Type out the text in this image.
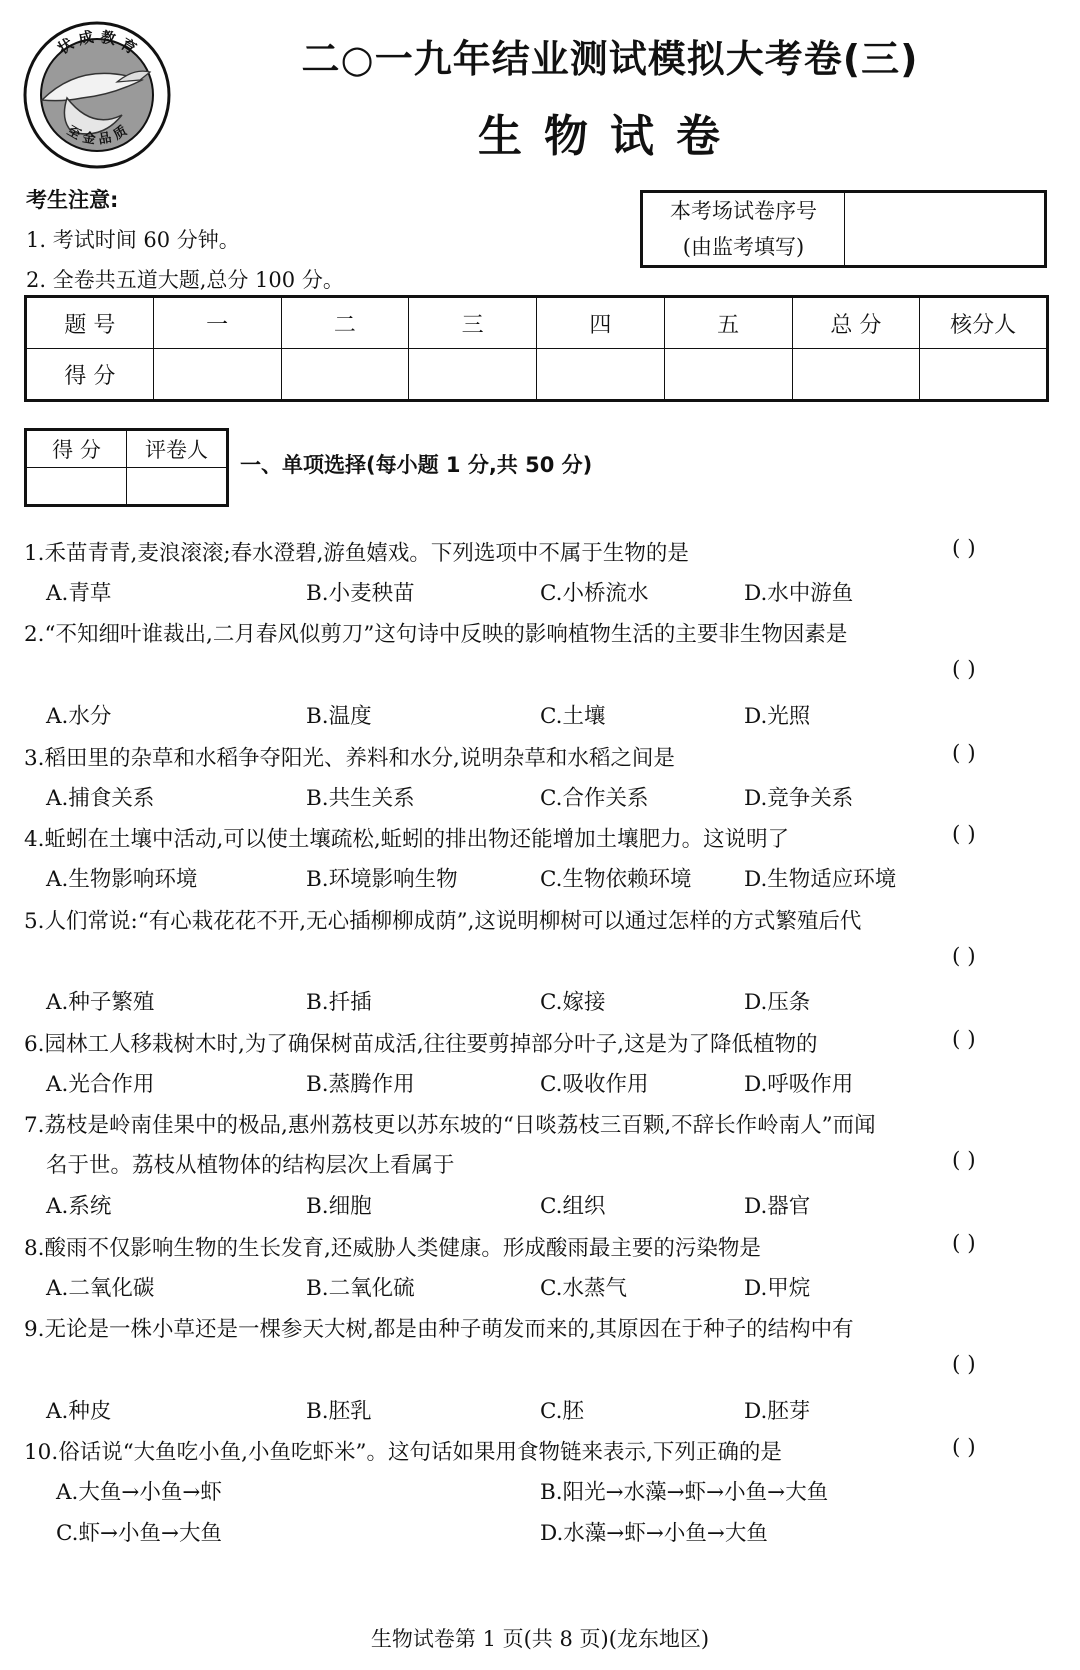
状 成 教 育
至 金 品 质
二○一九年结业测试模拟大考卷(三)
生物试卷
考生注意:
1. 考试时间 60 分钟。
2. 全卷共五道大题,总分 100 分。
本考场试卷序号
(由监考填写)

题 号	一	二	三	四	五	总 分	核分人
得 分							
得 分	评卷人

一、单项选择(每小题 1 分,共 50 分)
1.禾苗青青,麦浪滚滚;春水澄碧,游鱼嬉戏。下列选项中不属于生物的是	( )
A.青草	B.小麦秧苗	C.小桥流水	D.水中游鱼
2.“不知细叶谁裁出,二月春风似剪刀”这句诗中反映的影响植物生活的主要非生物因素是
( )
A.水分	B.温度	C.土壤	D.光照
3.稻田里的杂草和水稻争夺阳光、养料和水分,说明杂草和水稻之间是	( )
A.捕食关系	B.共生关系	C.合作关系	D.竞争关系
4.蚯蚓在土壤中活动,可以使土壤疏松,蚯蚓的排出物还能增加土壤肥力。这说明了	( )
A.生物影响环境	B.环境影响生物	C.生物依赖环境 D.生物适应环境
5.人们常说:“有心栽花花不开,无心插柳柳成荫”,这说明柳树可以通过怎样的方式繁殖后代
( )
A.种子繁殖	B.扦插	C.嫁接	D.压条
6.园林工人移栽树木时,为了确保树苗成活,往往要剪掉部分叶子,这是为了降低植物的	( )
A.光合作用	B.蒸腾作用	C.吸收作用	D.呼吸作用
7.荔枝是岭南佳果中的极品,惠州荔枝更以苏东坡的“日啖荔枝三百颗,不辞长作岭南人”而闻
( )
名于世。荔枝从植物体的结构层次上看属于
A.系统	B.细胞	C.组织	D.器官
8.酸雨不仅影响生物的生长发育,还威胁人类健康。形成酸雨最主要的污染物是	( )
A.二氧化碳	B.二氧化硫	C.水蒸气	D.甲烷
9.无论是一株小草还是一棵参天大树,都是由种子萌发而来的,其原因在于种子的结构中有
( )
A.种皮	B.胚乳	C.胚	D.胚芽
10.俗话说“大鱼吃小鱼,小鱼吃虾米”。这句话如果用食物链来表示,下列正确的是	( )
A.大鱼→小鱼→虾	B.阳光→水藻→虾→小鱼→大鱼
C.虾→小鱼→大鱼	D.水藻→虾→小鱼→大鱼
生物试卷第 1 页(共 8 页)(龙东地区)
